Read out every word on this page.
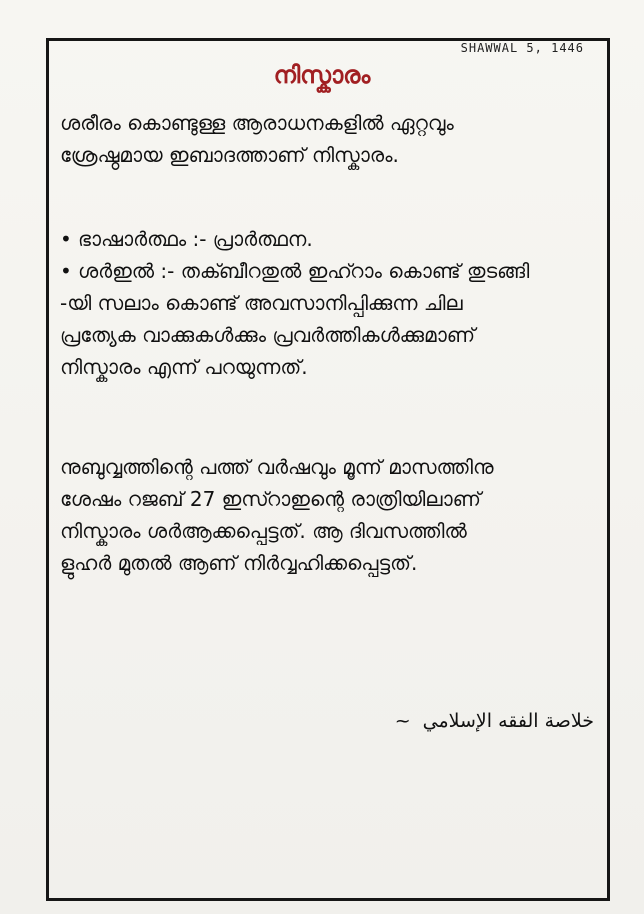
SHAWWAL 5, 1446
നിസ്കാരം

ശരീരം കൊണ്ടുള്ള ആരാധനകളിൽ ഏറ്റവും

ശ്രേഷ്ഠമായ ഇബാദത്താണ് നിസ്കാരം.

• ഭാഷാർത്ഥം :- പ്രാർത്ഥന.

• ശർഇൽ :- തക്ബീറതുൽ ഇഹ്റാം കൊണ്ട് തുടങ്ങി

-യി സലാം കൊണ്ട് അവസാനിപ്പിക്കുന്ന ചില

പ്രത്യേക വാക്കുകൾക്കും പ്രവർത്തികൾക്കുമാണ്

നിസ്കാരം എന്ന് പറയുന്നത്.

നുബുവ്വത്തിന്റെ പത്ത് വർഷവും മൂന്ന് മാസത്തിനു

ശേഷം റജബ് 27 ഇസ്റാഇന്റെ രാത്രിയിലാണ്

നിസ്കാരം ശർആക്കപ്പെട്ടത്. ആ ദിവസത്തിൽ

ളുഹർ മുതൽ ആണ് നിർവ്വഹിക്കപ്പെട്ടത്.

خلاصة الفقه الإسلامي ~
